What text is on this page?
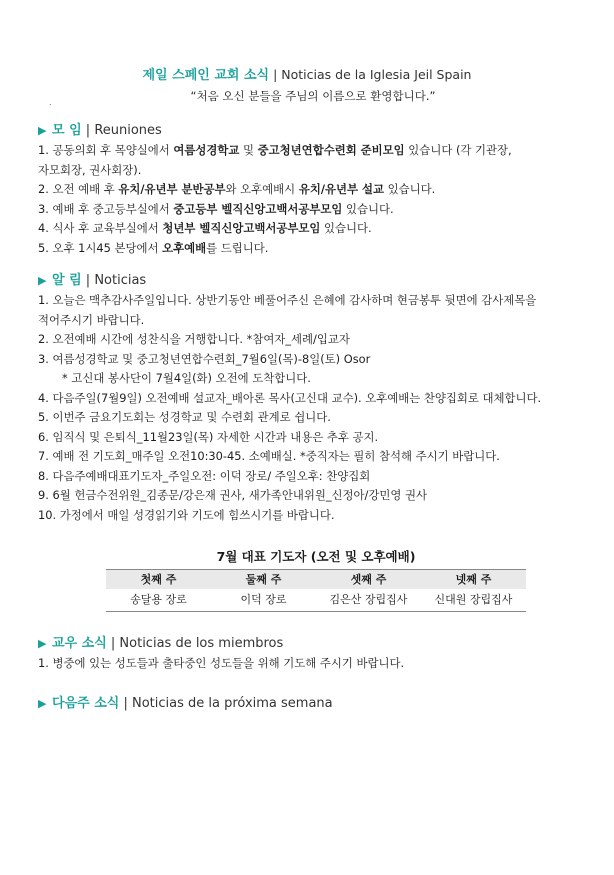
제일 스페인 교회 소식 | Noticias de la Iglesia Jeil Spain
“처음 오신 분들을 주님의 이름으로 환영합니다.”
.
▶ 모 임 | Reuniones
1. 공동의회 후 목양실에서 여름성경학교 및 중고청년연합수련회 준비모임 있습니다 (각 기관장,
자모회장, 권사회장).
2. 오전 예배 후 유치/유년부 분반공부와 오후예배시 유치/유년부 설교 있습니다.
3. 예배 후 중고등부실에서 중고등부 벨직신앙고백서공부모임 있습니다.
4. 식사 후 교육부실에서 청년부 벨직신앙고백서공부모임 있습니다.
5. 오후 1시45 본당에서 오후예배를 드립니다.
▶ 알 림 | Noticias
1. 오늘은 맥추감사주일입니다. 상반기동안 베풀어주신 은혜에 감사하며 현금봉투 뒷면에 감사제목을
적어주시기 바랍니다.
2. 오전예배 시간에 성찬식을 거행합니다. *참여자_세례/입교자
3. 여름성경학교 및 중고청년연합수련회_7월6일(목)-8일(토) Osor
* 고신대 봉사단이 7월4일(화) 오전에 도착합니다.
4. 다음주일(7월9일) 오전예배 설교자_배아론 목사(고신대 교수). 오후예배는 찬양집회로 대체합니다.
5. 이번주 금요기도회는 성경학교 및 수련회 관계로 쉽니다.
6. 임직식 및 은퇴식_11월23일(목) 자세한 시간과 내용은 추후 공지.
7. 예배 전 기도회_매주일 오전10:30-45. 소예배실. *중직자는 필히 참석해 주시기 바랍니다.
8. 다음주예배대표기도자_주일오전: 이덕 장로/ 주일오후: 찬양집회
9. 6월 헌금수전위원_김종문/강은재 권사, 새가족안내위원_신정아/강민영 권사
10. 가정에서 매일 성경읽기와 기도에 힘쓰시기를 바랍니다.
7월 대표 기도자 (오전 및 오후예배)
첫째 주	둘째 주	셋째 주	넷째 주
송달용 장로	이덕 장로	김은산 장립집사	신대원 장립집사
▶ 교우 소식 | Noticias de los miembros
1. 병중에 있는 성도들과 출타중인 성도들을 위해 기도해 주시기 바랍니다.
▶ 다음주 소식 | Noticias de la próxima semana
